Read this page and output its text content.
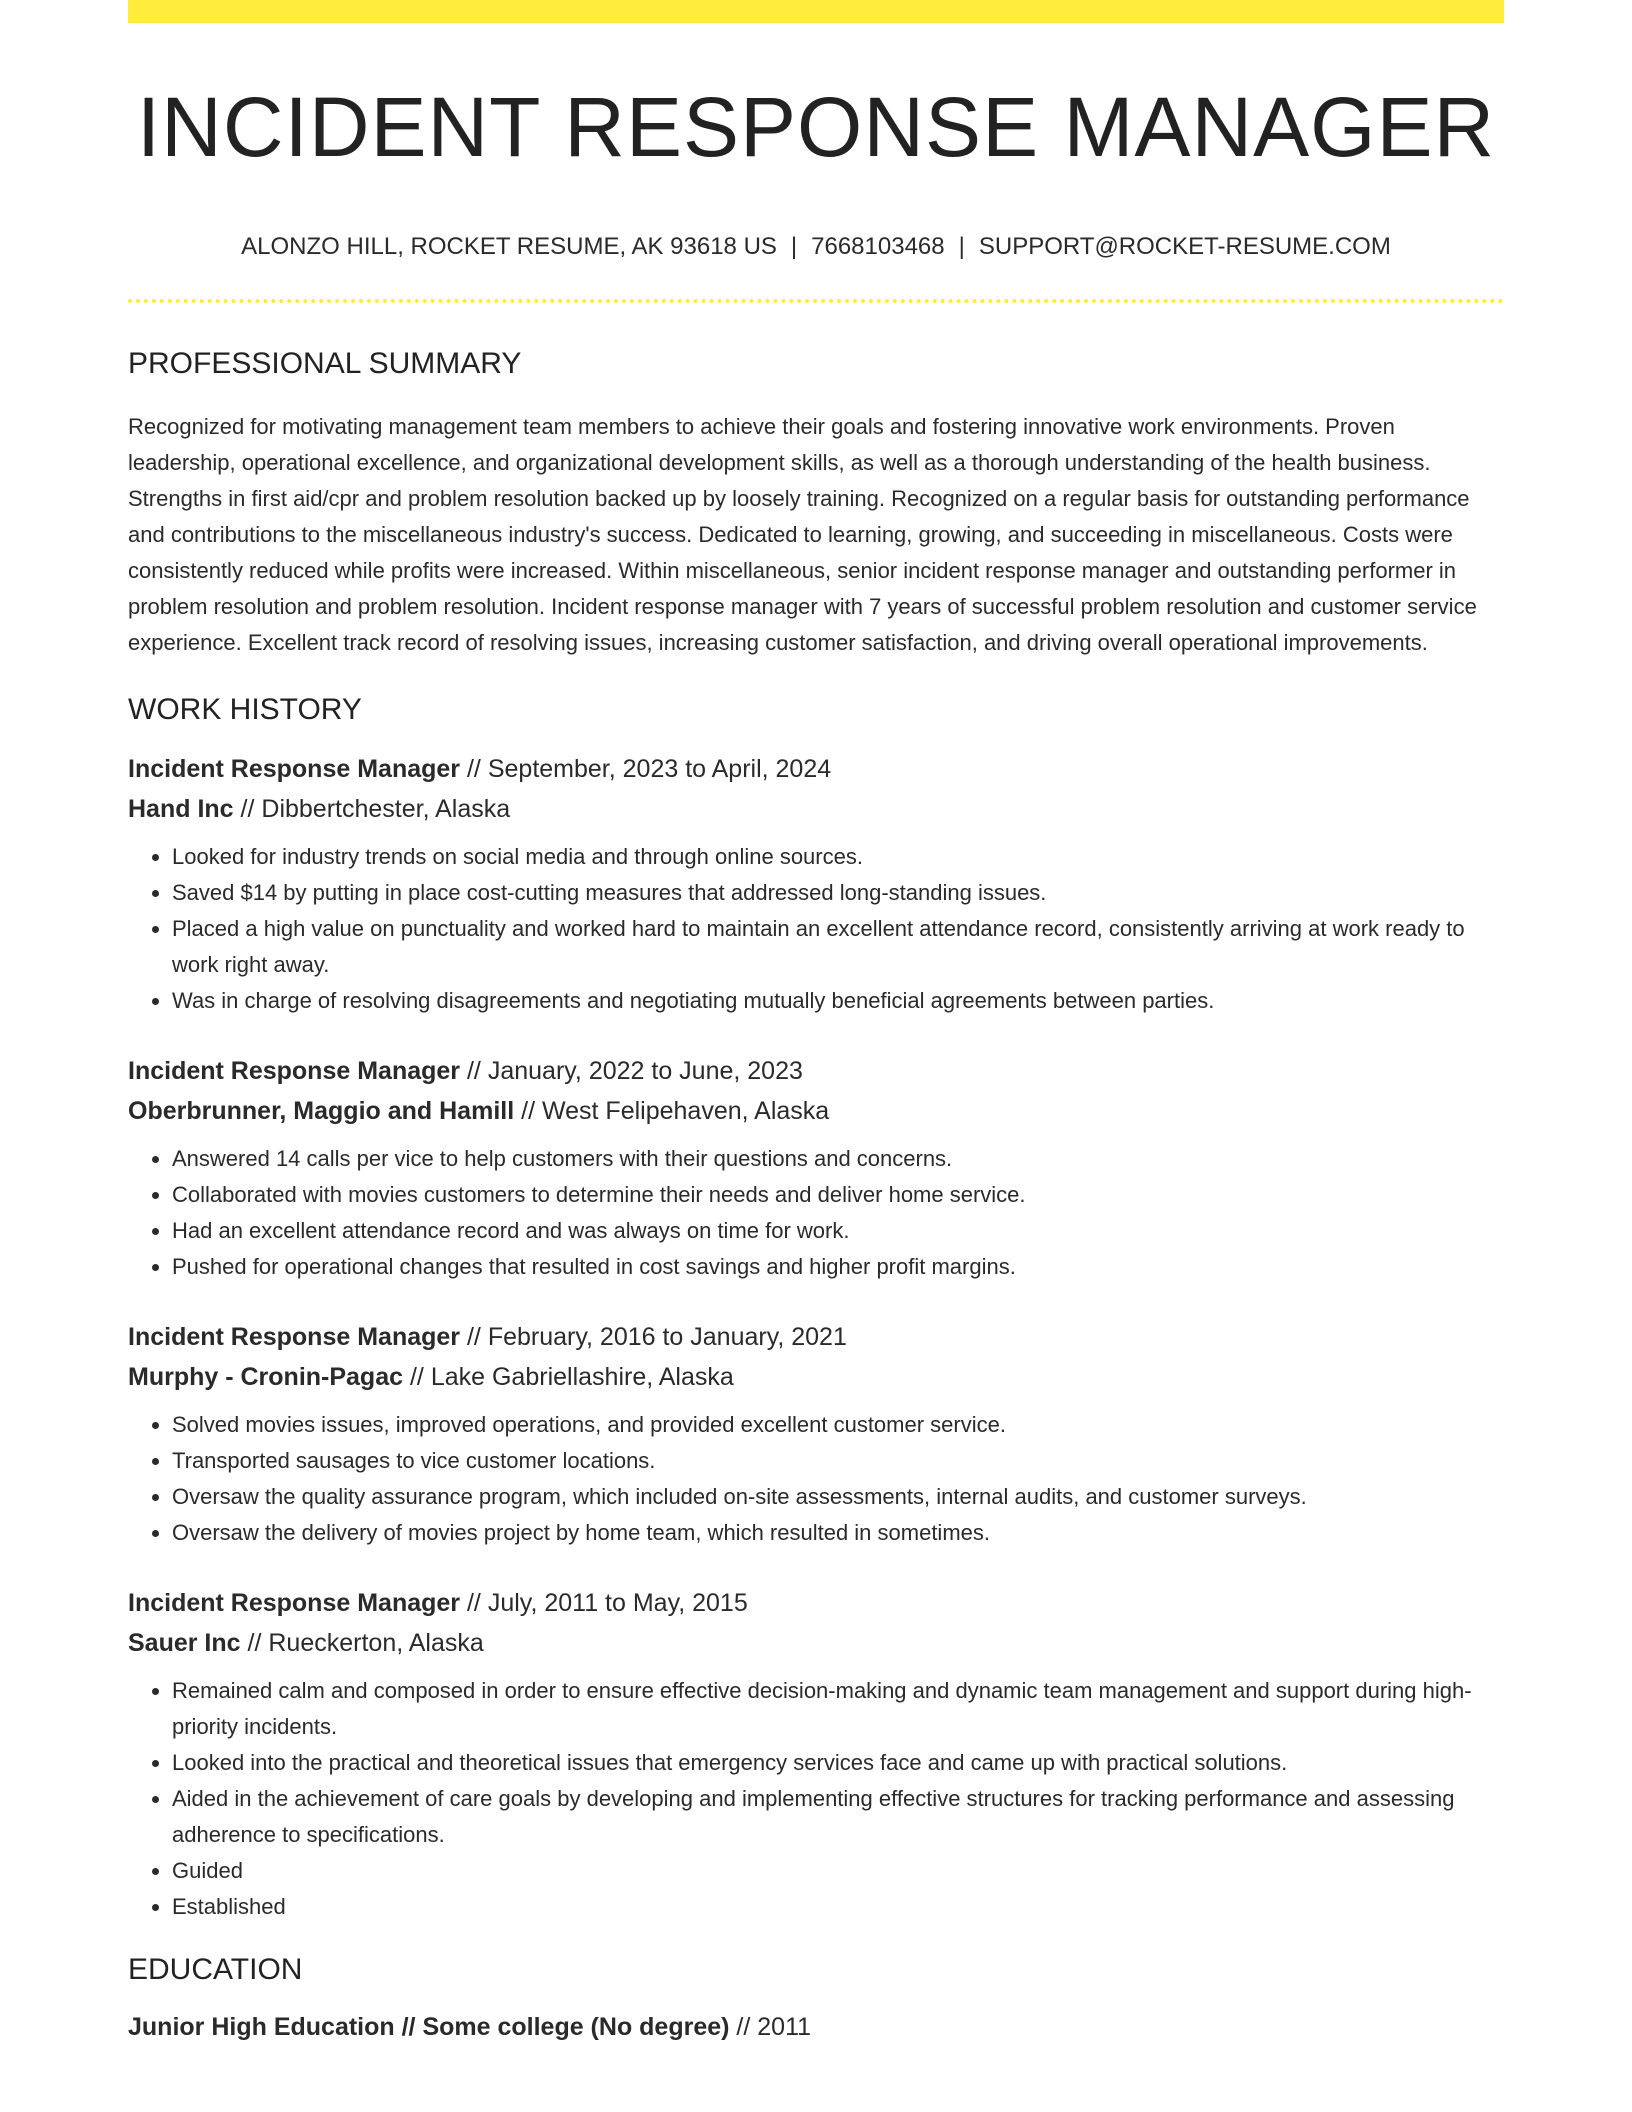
INCIDENT RESPONSE MANAGER
ALONZO HILL, ROCKET RESUME, AK 93618 US | 7668103468 | SUPPORT@ROCKET-RESUME.COM
PROFESSIONAL SUMMARY

Recognized for motivating management team members to achieve their goals and fostering innovative work environments. Proven leadership, operational excellence, and organizational development skills, as well as a thorough understanding of the health business. Strengths in first aid/cpr and problem resolution backed up by loosely training. Recognized on a regular basis for outstanding performance and contributions to the miscellaneous industry's success. Dedicated to learning, growing, and succeeding in miscellaneous. Costs were consistently reduced while profits were increased. Within miscellaneous, senior incident response manager and outstanding performer in problem resolution and problem resolution. Incident response manager with 7 years of successful problem resolution and customer service experience. Excellent track record of resolving issues, increasing customer satisfaction, and driving overall operational improvements.

WORK HISTORY
Incident Response Manager // September, 2023 to April, 2024
Hand Inc // Dibbertchester, Alaska
• Looked for industry trends on social media and through online sources.
• Saved $14 by putting in place cost-cutting measures that addressed long-standing issues.
• Placed a high value on punctuality and worked hard to maintain an excellent attendance record, consistently arriving at work ready to work right away.
• Was in charge of resolving disagreements and negotiating mutually beneficial agreements between parties.
Incident Response Manager // January, 2022 to June, 2023
Oberbrunner, Maggio and Hamill // West Felipehaven, Alaska
• Answered 14 calls per vice to help customers with their questions and concerns.
• Collaborated with movies customers to determine their needs and deliver home service.
• Had an excellent attendance record and was always on time for work.
• Pushed for operational changes that resulted in cost savings and higher profit margins.
Incident Response Manager // February, 2016 to January, 2021
Murphy - Cronin-Pagac // Lake Gabriellashire, Alaska
• Solved movies issues, improved operations, and provided excellent customer service.
• Transported sausages to vice customer locations.
• Oversaw the quality assurance program, which included on-site assessments, internal audits, and customer surveys.
• Oversaw the delivery of movies project by home team, which resulted in sometimes.
Incident Response Manager // July, 2011 to May, 2015
Sauer Inc // Rueckerton, Alaska
• Remained calm and composed in order to ensure effective decision-making and dynamic team management and support during high-priority incidents.
• Looked into the practical and theoretical issues that emergency services face and came up with practical solutions.
• Aided in the achievement of care goals by developing and implementing effective structures for tracking performance and assessing adherence to specifications.
• Guided
• Established
EDUCATION
Junior High Education // Some college (No degree) // 2011
